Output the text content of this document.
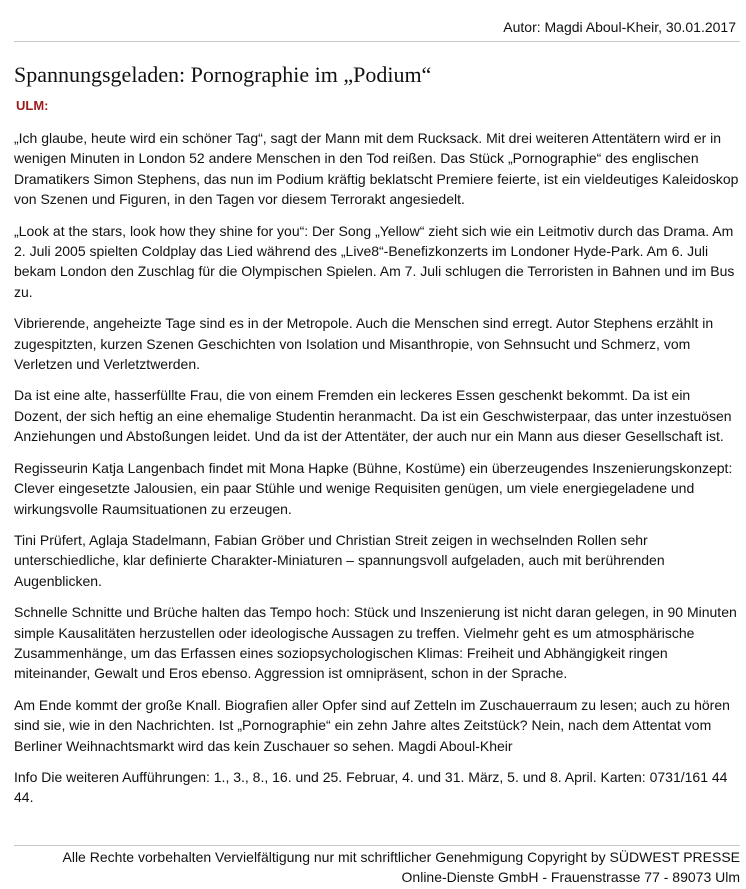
Autor: Magdi Aboul-Kheir, 30.01.2017
Spannungsgeladen: Pornographie im „Podium“
ULM:

„Ich glaube, heute wird ein schöner Tag“, sagt der Mann mit dem Rucksack. Mit drei weiteren Attentätern wird er in wenigen Minuten in London 52 andere Menschen in den Tod reißen. Das Stück „Pornographie“ des englischen Dramatikers Simon Stephens, das nun im Podium kräftig beklatscht Premiere feierte, ist ein vieldeutiges Kaleidoskop von Szenen und Figuren, in den Tagen vor diesem Terrorakt angesiedelt.

„Look at the stars, look how they shine for you“: Der Song „Yellow“ zieht sich wie ein Leitmotiv durch das Drama. Am 2. Juli 2005 spielten Coldplay das Lied während des „Live8“-Benefizkonzerts im Londoner Hyde-Park. Am 6. Juli bekam London den Zuschlag für die Olympischen Spielen. Am 7. Juli schlugen die Terroristen in Bahnen und im Bus zu.

Vibrierende, angeheizte Tage sind es in der Metropole. Auch die Menschen sind erregt. Autor Stephens erzählt in zugespitzten, kurzen Szenen Geschichten von Isolation und Misanthropie, von Sehnsucht und Schmerz, vom Verletzen und Verletztwerden.

Da ist eine alte, hasserfüllte Frau, die von einem Fremden ein leckeres Essen geschenkt bekommt. Da ist ein Dozent, der sich heftig an eine ehemalige Studentin heranmacht. Da ist ein Geschwisterpaar, das unter inzestuösen Anziehungen und Abstoßungen leidet. Und da ist der Attentäter, der auch nur ein Mann aus dieser Gesellschaft ist.

Regisseurin Katja Langenbach findet mit Mona Hapke (Bühne, Kostüme) ein überzeugendes Inszenierungskonzept: Clever eingesetzte Jalousien, ein paar Stühle und wenige Requisiten genügen, um viele energiegeladene und wirkungsvolle Raumsituationen zu erzeugen.

Tini Prüfert, Aglaja Stadelmann, Fabian Gröber und Christian Streit zeigen in wechselnden Rollen sehr unterschiedliche, klar definierte Charakter-Miniaturen – spannungsvoll aufgeladen, auch mit berührenden Augenblicken.

Schnelle Schnitte und Brüche halten das Tempo hoch: Stück und Inszenierung ist nicht daran gelegen, in 90 Minuten simple Kausalitäten herzustellen oder ideologische Aussagen zu treffen. Vielmehr geht es um atmosphärische Zusammenhänge, um das Erfassen eines soziopsychologischen Klimas: Freiheit und Abhängigkeit ringen miteinander, Gewalt und Eros ebenso. Aggression ist omnipräsent, schon in der Sprache.

Am Ende kommt der große Knall. Biografien aller Opfer sind auf Zetteln im Zuschauerraum zu lesen; auch zu hören sind sie, wie in den Nachrichten. Ist „Pornographie“ ein zehn Jahre altes Zeitstück? Nein, nach dem Attentat vom Berliner Weihnachtsmarkt wird das kein Zuschauer so sehen. Magdi Aboul-Kheir

Info Die weiteren Aufführungen: 1., 3., 8., 16. und 25. Februar, 4. und 31. März, 5. und 8. April. Karten: 0731/161 44 44.

Alle Rechte vorbehalten Vervielfältigung nur mit schriftlicher Genehmigung Copyright by SÜDWEST PRESSE
Online-Dienste GmbH - Frauenstrasse 77 - 89073 Ulm
